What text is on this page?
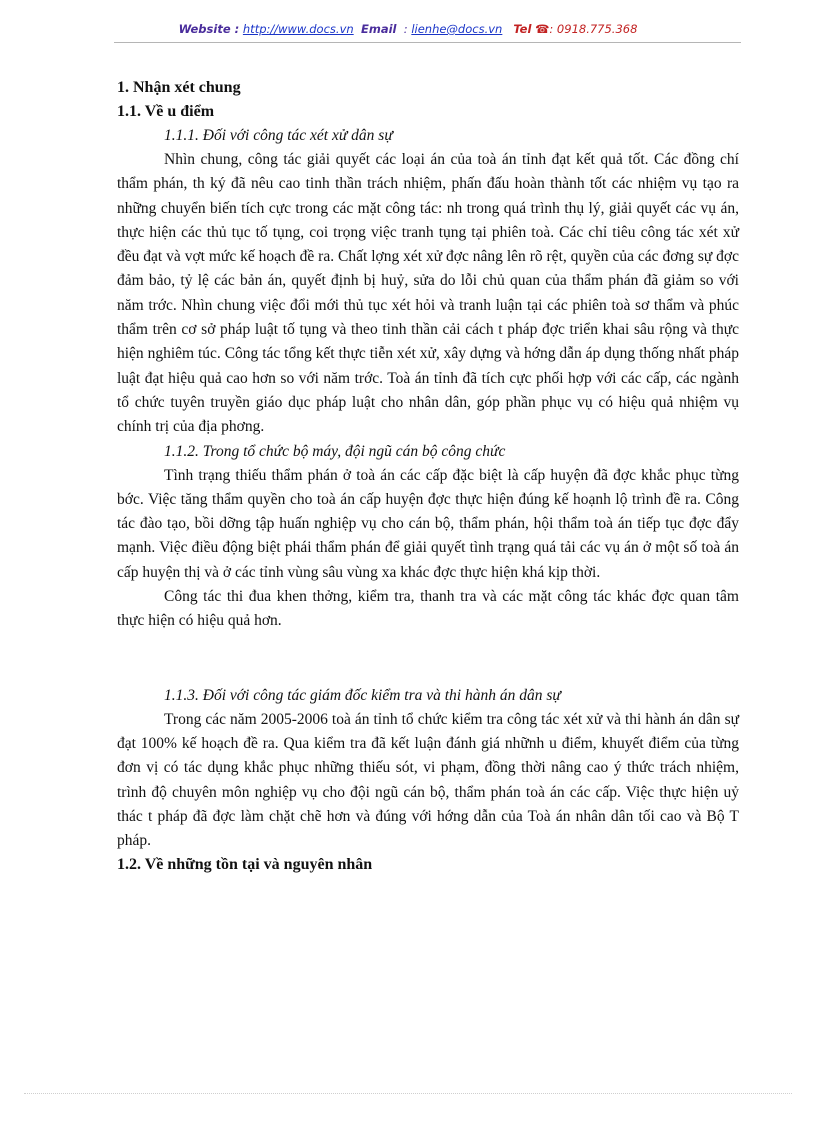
Website : http://www.docs.vn Email : lienhe@docs.vn Tel ☎: 0918.775.368
1. Nhận xét chung
1.1. Về u điểm
1.1.1. Đối với công tác xét xử dân sự

Nhìn chung, công tác giải quyết các loại án của toà án tỉnh đạt kết quả tốt. Các đồng chí thẩm phán, th ký đã nêu cao tinh thần trách nhiệm, phấn đấu hoàn thành tốt các nhiệm vụ tạo ra những chuyển biến tích cực trong các mặt công tác: nh trong quá trình thụ lý, giải quyết các vụ án, thực hiện các thủ tục tố tụng, coi trọng việc tranh tụng tại phiên toà. Các chỉ tiêu công tác xét xử đều đạt và vợt mức kế hoạch đề ra. Chất lợng xét xử đợc nâng lên rõ rệt, quyền của các đơng sự đợc đảm bảo, tỷ lệ các bản án, quyết định bị huỷ, sửa do lỗi chủ quan của thẩm phán đã giảm so với năm trớc. Nhìn chung việc đổi mới thủ tục xét hỏi và tranh luận tại các phiên toà sơ thẩm và phúc thẩm trên cơ sở pháp luật tố tụng và theo tinh thần cải cách t pháp đợc triển khai sâu rộng và thực hiện nghiêm túc. Công tác tổng kết thực tiễn xét xử, xây dựng và hớng dẫn áp dụng thống nhất pháp luật đạt hiệu quả cao hơn so với năm trớc. Toà án tỉnh đã tích cực phối hợp với các cấp, các ngành tổ chức tuyên truyền giáo dục pháp luật cho nhân dân, góp phần phục vụ có hiệu quả nhiệm vụ chính trị của địa phơng.

1.1.2. Trong tổ chức bộ máy, đội ngũ cán bộ công chức

Tình trạng thiếu thẩm phán ở toà án các cấp đặc biệt là cấp huyện đã đợc khắc phục từng bớc. Việc tăng thẩm quyền cho toà án cấp huyện đợc thực hiện đúng kế hoạnh lộ trình đề ra. Công tác đào tạo, bồi dỡng tập huấn nghiệp vụ cho cán bộ, thẩm phán, hội thẩm toà án tiếp tục đợc đẩy mạnh. Việc điều động biệt phái thẩm phán để giải quyết tình trạng quá tải các vụ án ở một số toà án cấp huyện thị và ở các tỉnh vùng sâu vùng xa khác đợc thực hiện khá kịp thời.

Công tác thi đua khen thởng, kiểm tra, thanh tra và các mặt công tác khác đợc quan tâm thực hiện có hiệu quả hơn.

1.1.3. Đối với công tác giám đốc kiểm tra và thi hành án dân sự

Trong các năm 2005-2006 toà án tỉnh tổ chức kiểm tra công tác xét xử và thi hành án dân sự đạt 100% kế hoạch đề ra. Qua kiểm tra đã kết luận đánh giá nhữnh u điểm, khuyết điểm của từng đơn vị có tác dụng khắc phục những thiếu sót, vi phạm, đồng thời nâng cao ý thức trách nhiệm, trình độ chuyên môn nghiệp vụ cho đội ngũ cán bộ, thẩm phán toà án các cấp. Việc thực hiện uỷ thác t pháp đã đợc làm chặt chẽ hơn và đúng với hớng dẫn của Toà án nhân dân tối cao và Bộ T pháp.

1.2. Về những tồn tại và nguyên nhân
